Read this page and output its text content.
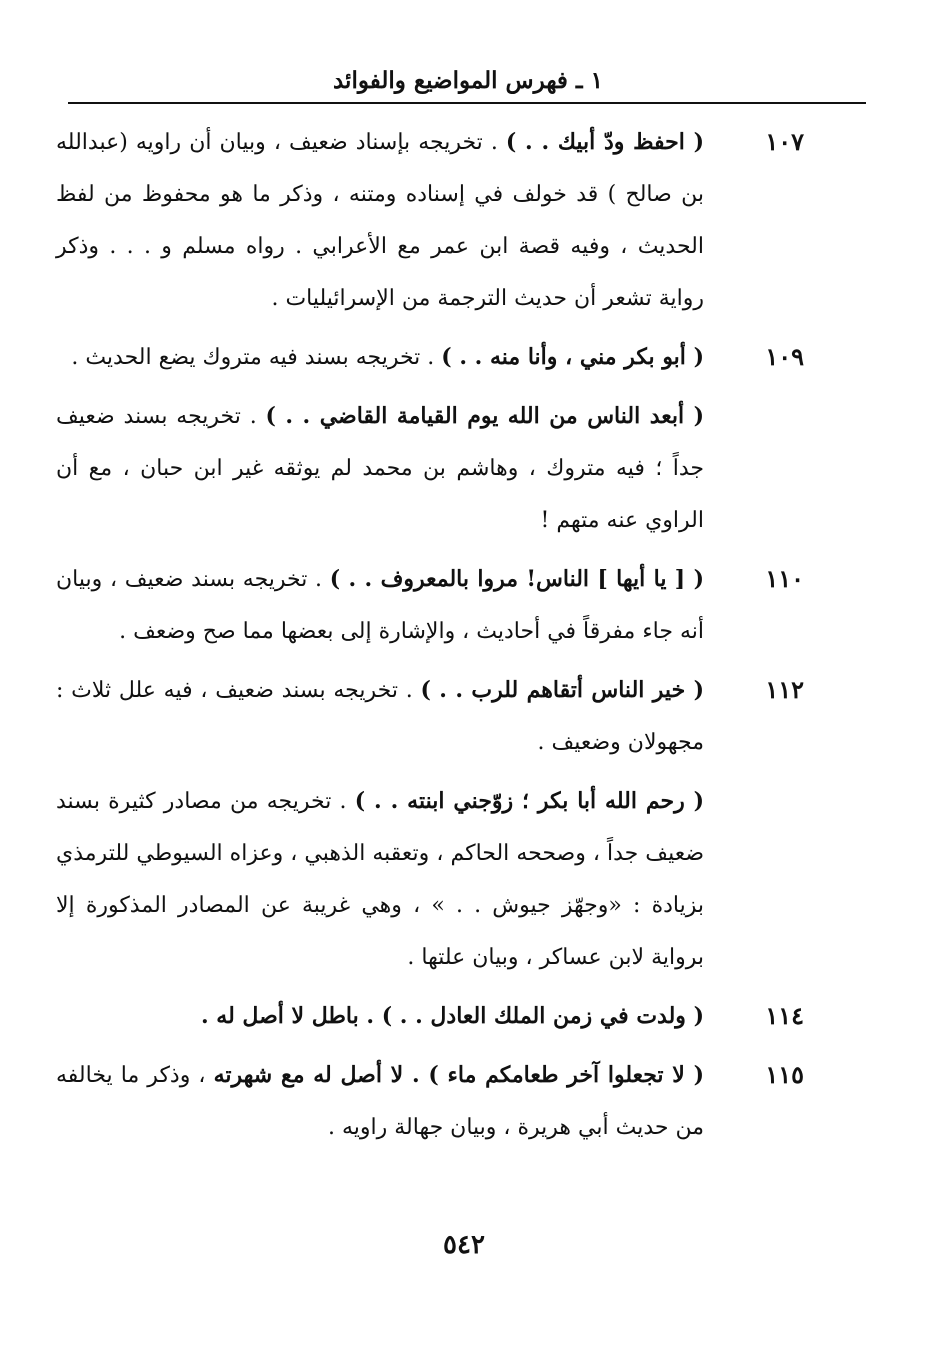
١ ـ فهرس المواضيع والفوائد
١٠٧
( احفظ ودّ أبيك . . ) . تخريجه بإسناد ضعيف ، وبيان أن راويه (عبدالله بن صالح ) قد خولف في إسناده ومتنه ، وذكر ما هو محفوظ من لفظ الحديث ، وفيه قصة ابن عمر مع الأعرابي . رواه مسلم و . . . وذكر رواية تشعر أن حديث الترجمة من الإسرائيليات .
١٠٩
( أبو بكر مني ، وأنا منه . . ) . تخريجه بسند فيه متروك يضع الحديث .
( أبعد الناس من الله يوم القيامة القاضي . . ) . تخريجه بسند ضعيف جداً ؛ فيه متروك ، وهاشم بن محمد لم يوثقه غير ابن حبان ، مع أن الراوي عنه متهم !
١١٠
( [ يا أيها ] الناس! مروا بالمعروف . . ) . تخريجه بسند ضعيف ، وبيان أنه جاء مفرقاً في أحاديث ، والإشارة إلى بعضها مما صح وضعف .
١١٢
( خير الناس أتقاهم للرب . . ) . تخريجه بسند ضعيف ، فيه علل ثلاث : مجهولان وضعيف .
( رحم الله أبا بكر ؛ زوّجني ابنته . . ) . تخريجه من مصادر كثيرة بسند ضعيف جداً ، وصححه الحاكم ، وتعقبه الذهبي ، وعزاه السيوطي للترمذي بزيادة : «وجهّز جيوش . . » ، وهي غريبة عن المصادر المذكورة إلا برواية لابن عساكر ، وبيان علتها .
١١٤
( ولدت في زمن الملك العادل . . ) . باطل لا أصل له .
١١٥
( لا تجعلوا آخر طعامكم ماء ) . لا أصل له مع شهرته ، وذكر ما يخالفه من حديث أبي هريرة ، وبيان جهالة راويه .
٥٤٢
